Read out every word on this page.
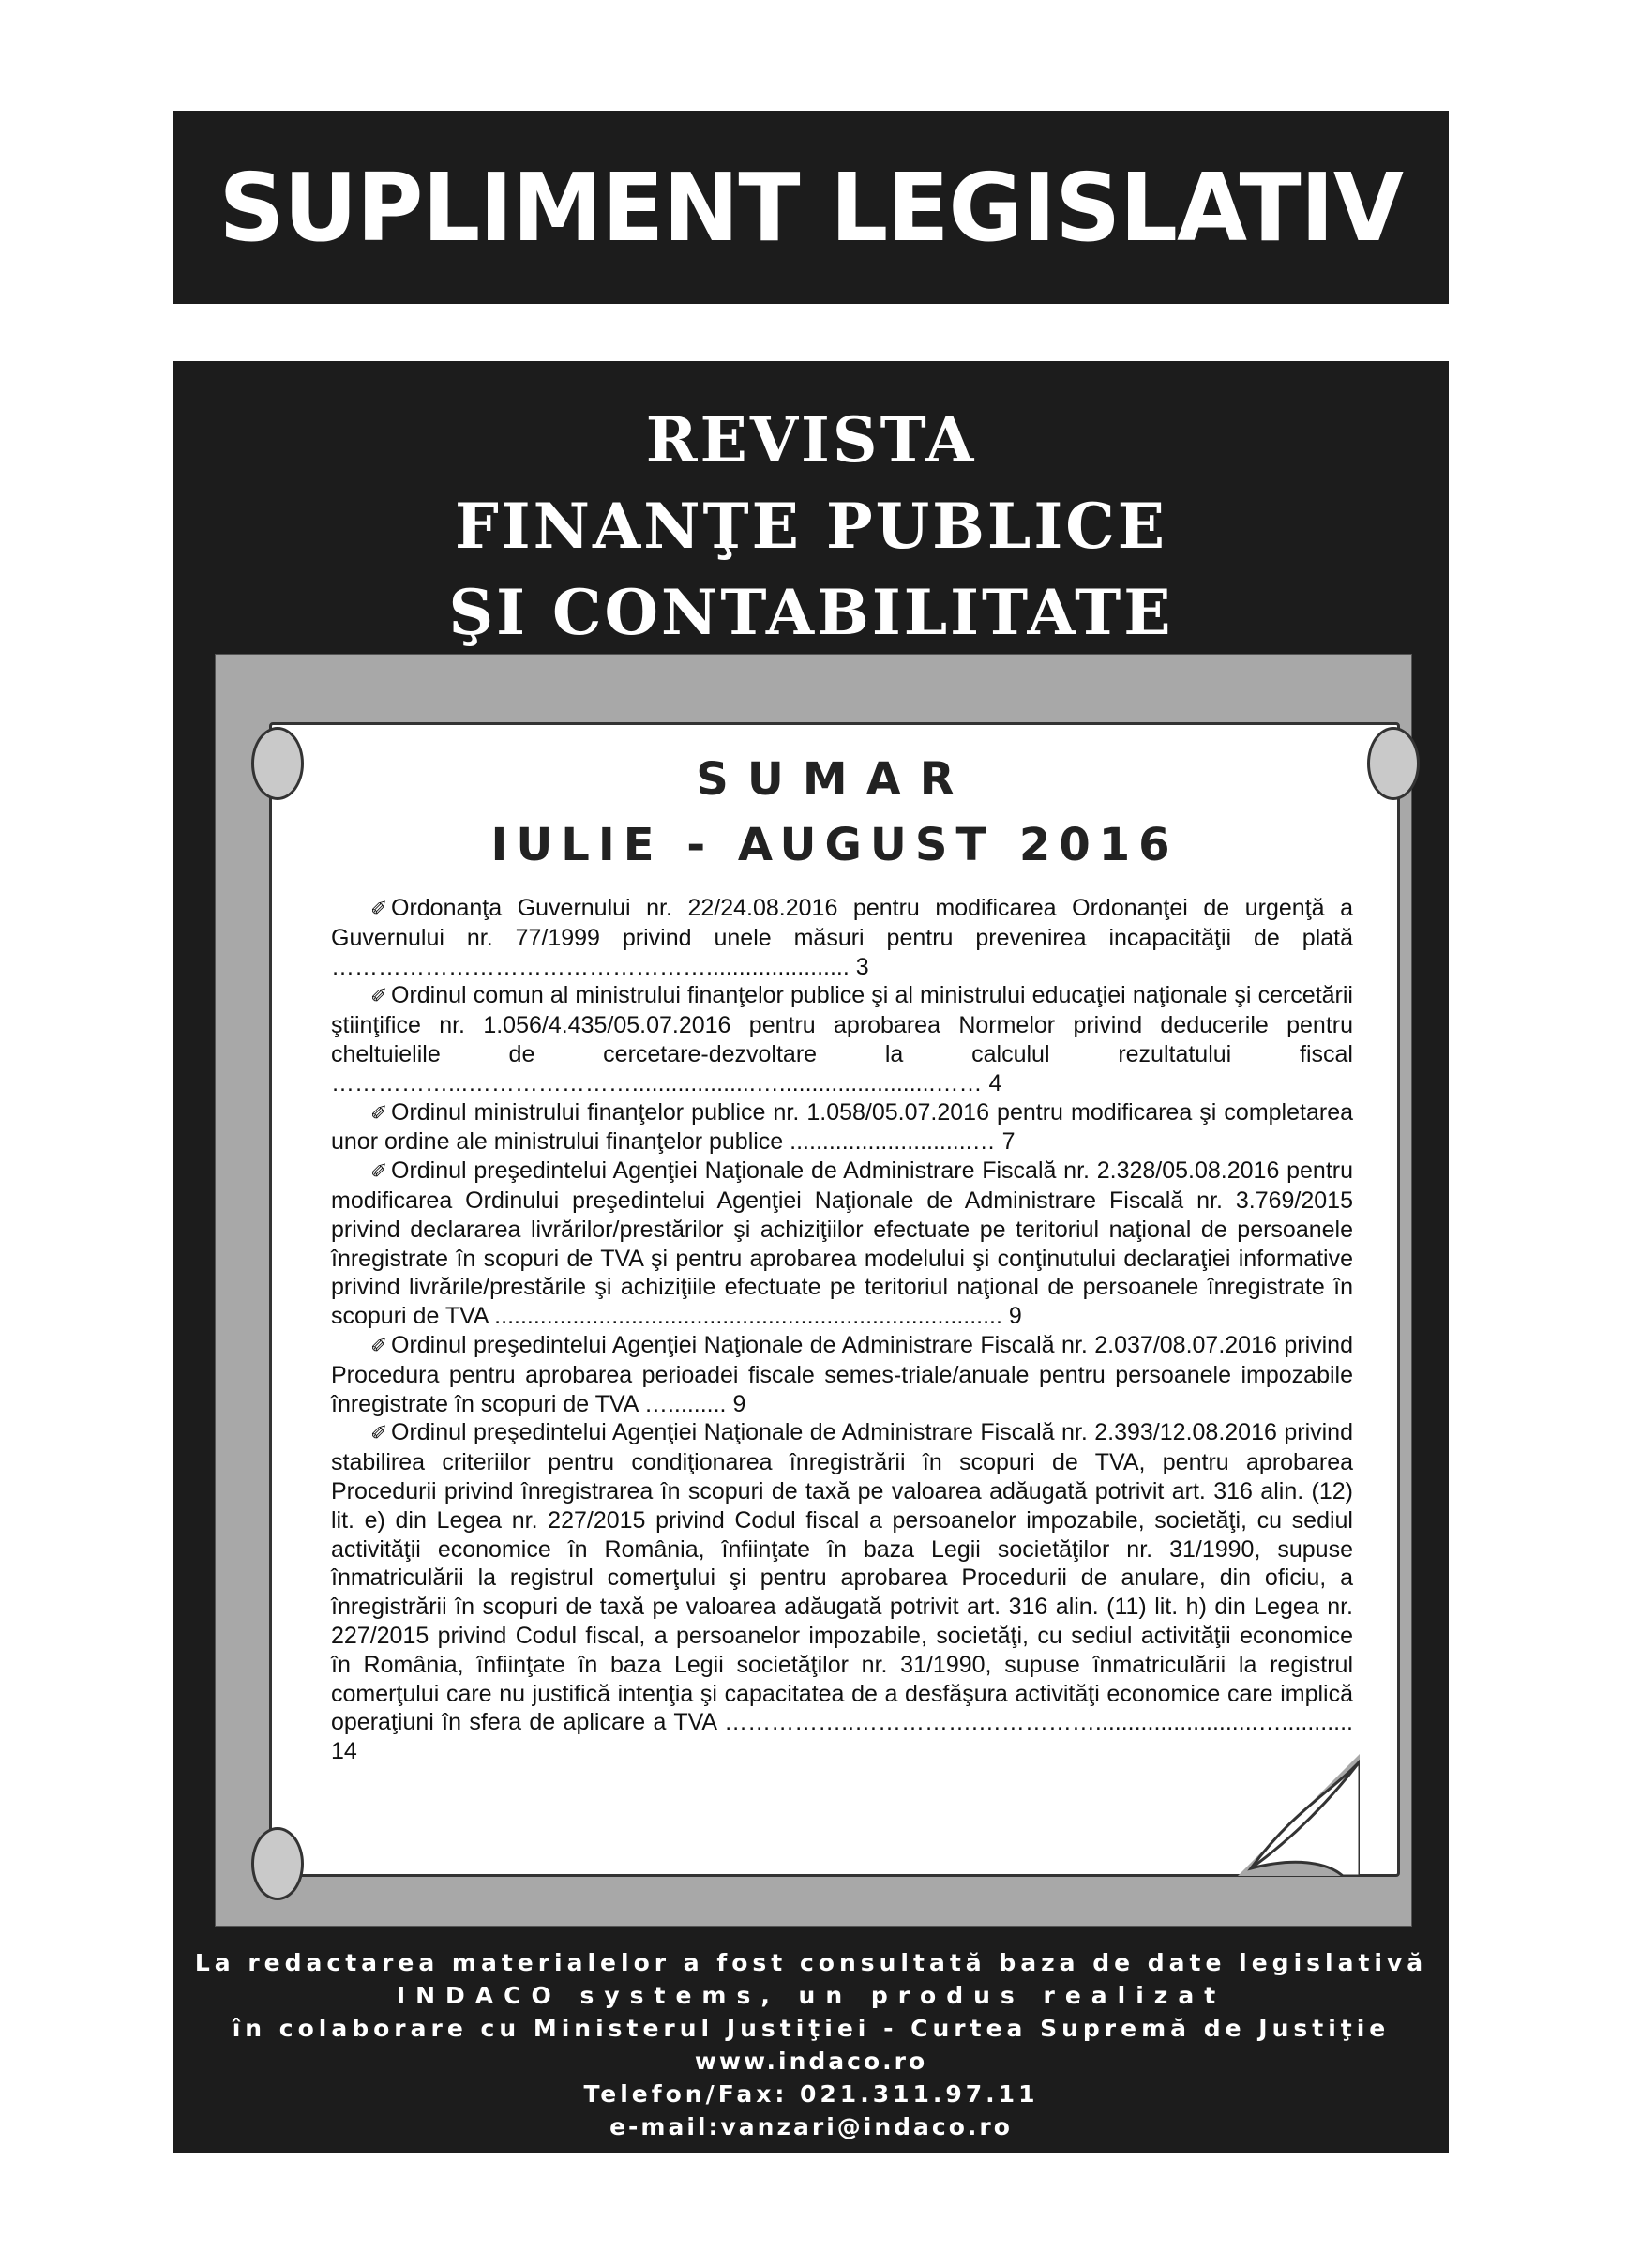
SUPLIMENT LEGISLATIV
REVISTA
FINANŢE PUBLICE
ŞI CONTABILITATE
SUMAR
IULIE - AUGUST 2016

✐ Ordonanţa Guvernului nr. 22/24.08.2016 pentru modificarea Ordonanţei de urgenţă a Guvernului nr. 77/1999 privind unele măsuri pentru prevenirea incapacităţii de plată …………………………………………...................... 3

✐ Ordinul comun al ministrului finanţelor publice şi al ministrului educaţiei naţionale şi cercetării ştiinţifice nr. 1.056/4.435/05.07.2016 pentru aprobarea Normelor privind deducerile pentru cheltuielile de cercetare-dezvoltare la calculul rezultatului fiscal ……………...…………………...................…........................…… 4

✐ Ordinul ministrului finanţelor publice nr. 1.058/05.07.2016 pentru modificarea şi completarea unor ordine ale ministrului finanţelor publice ............................… 7

✐ Ordinul preşedintelui Agenţiei Naţionale de Administrare Fiscală nr. 2.328/05.08.2016 pentru modificarea Ordinului preşedintelui Agenţiei Naţionale de Administrare Fiscală nr. 3.769/2015 privind declararea livrărilor/prestărilor şi achiziţiilor efectuate pe teritoriul naţional de persoanele înregistrate în scopuri de TVA şi pentru aprobarea modelului şi conţinutului declaraţiei informative privind livrările/prestările şi achiziţiile efectuate pe teritoriul naţional de persoanele înregistrate în scopuri de TVA .............................................................................. 9

✐ Ordinul preşedintelui Agenţiei Naţionale de Administrare Fiscală nr. 2.037/08.07.2016 privind Procedura pentru aprobarea perioadei fiscale semes-triale/anuale pentru persoanele impozabile înregistrate în scopuri de TVA …......... 9

✐ Ordinul preşedintelui Agenţiei Naţionale de Administrare Fiscală nr. 2.393/12.08.2016 privind stabilirea criteriilor pentru condiţionarea înregistrării în scopuri de TVA, pentru aprobarea Procedurii privind înregistrarea în scopuri de taxă pe valoarea adăugată potrivit art. 316 alin. (12) lit. e) din Legea nr. 227/2015 privind Codul fiscal a persoanelor impozabile, societăţi, cu sediul activităţii economice în România, înfiinţate în baza Legii societăţilor nr. 31/1990, supuse înmatriculării la registrul comerţului şi pentru aprobarea Procedurii de anulare, din oficiu, a înregistrării în scopuri de taxă pe valoarea adăugată potrivit art. 316 alin. (11) lit. h) din Legea nr. 227/2015 privind Codul fiscal, a persoanelor impozabile, societăţi, cu sediul activităţii economice în România, înfiinţate în baza Legii societăţilor nr. 31/1990, supuse înmatriculării la registrul comerţului care nu justifică intenţia şi capacitatea de a desfăşura activităţi economice care implică operaţiuni în sfera de aplicare a TVA ……………..…………….…………….........................…........... 14

La redactarea materialelor a fost consultată baza de date legislativă
INDACO systems, un produs realizat
în colaborare cu Ministerul Justiţiei - Curtea Supremă de Justiţie
www.indaco.ro
Telefon/Fax: 021.311.97.11
e-mail:vanzari@indaco.ro
